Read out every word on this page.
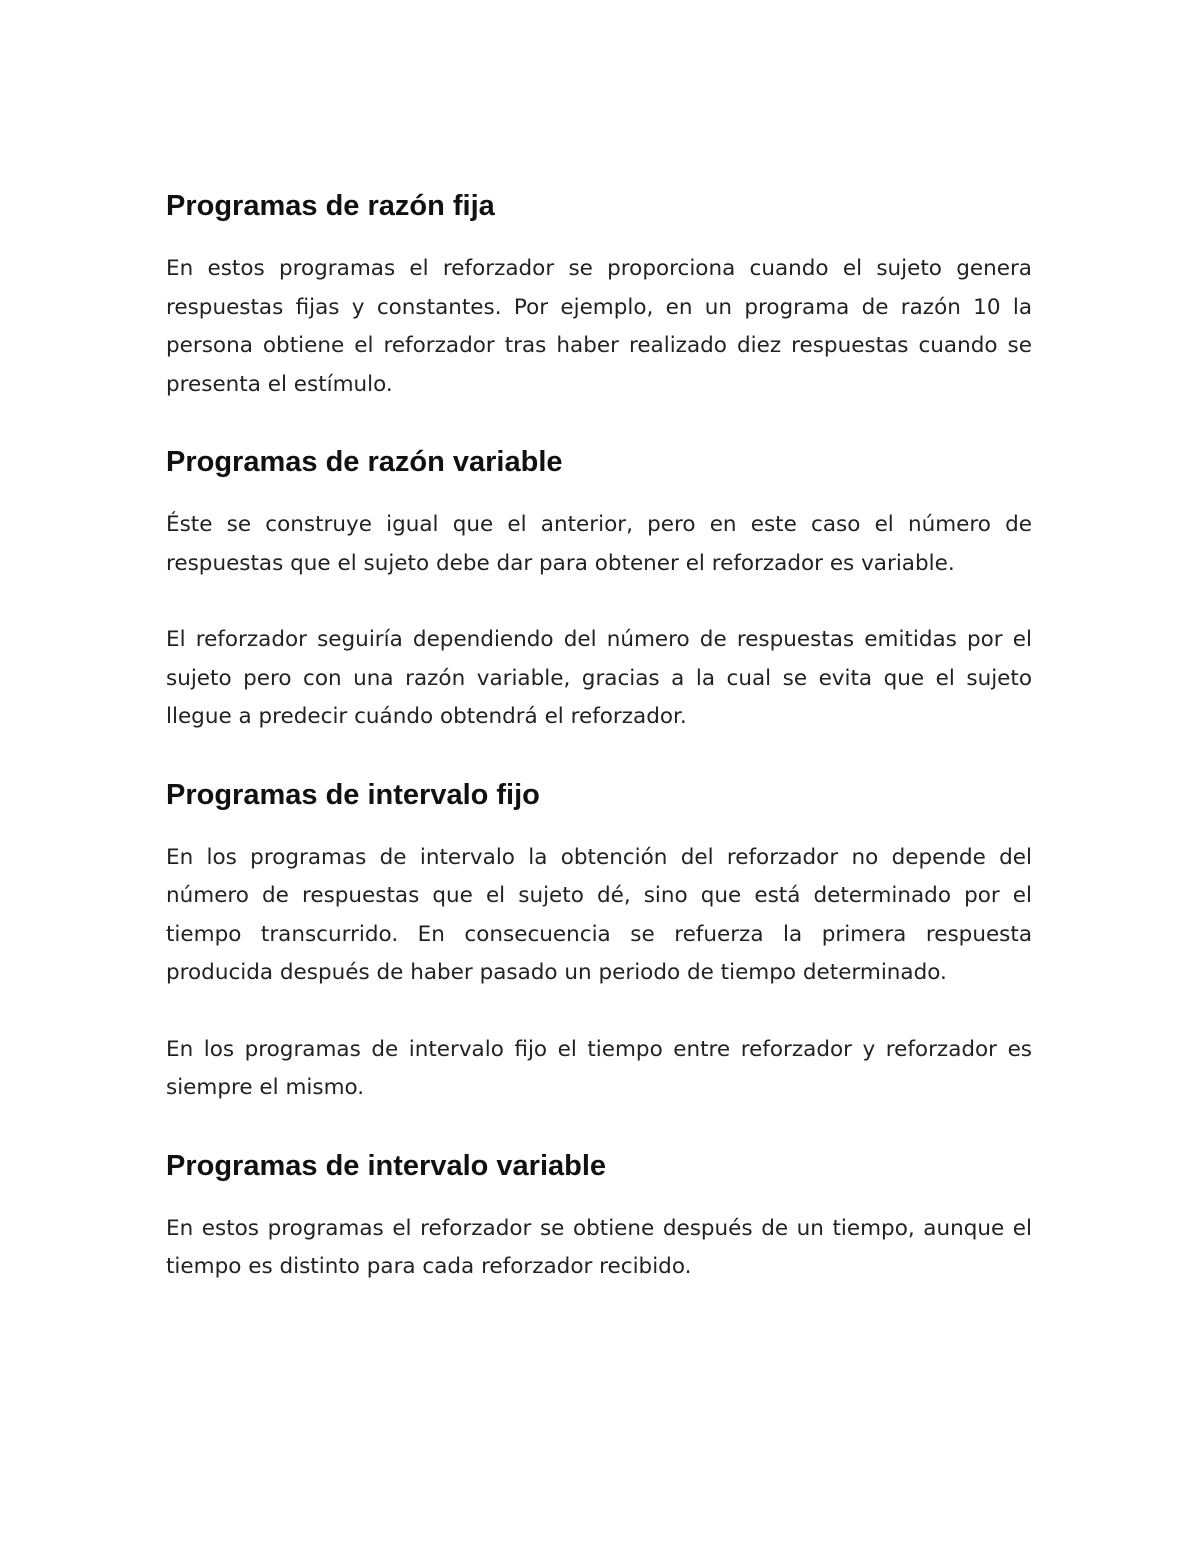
Programas de razón fija

En estos programas el reforzador se proporciona cuando el sujeto genera respuestas fijas y constantes. Por ejemplo, en un programa de razón 10 la persona obtiene el reforzador tras haber realizado diez respuestas cuando se presenta el estímulo.

Programas de razón variable

Éste se construye igual que el anterior, pero en este caso el número de respuestas que el sujeto debe dar para obtener el reforzador es variable.

El reforzador seguiría dependiendo del número de respuestas emitidas por el sujeto pero con una razón variable, gracias a la cual se evita que el sujeto llegue a predecir cuándo obtendrá el reforzador.

Programas de intervalo fijo

En los programas de intervalo la obtención del reforzador no depende del número de respuestas que el sujeto dé, sino que está determinado por el tiempo transcurrido. En consecuencia se refuerza la primera respuesta producida después de haber pasado un periodo de tiempo determinado.

En los programas de intervalo fijo el tiempo entre reforzador y reforzador es siempre el mismo.

Programas de intervalo variable

En estos programas el reforzador se obtiene después de un tiempo, aunque el tiempo es distinto para cada reforzador recibido.
